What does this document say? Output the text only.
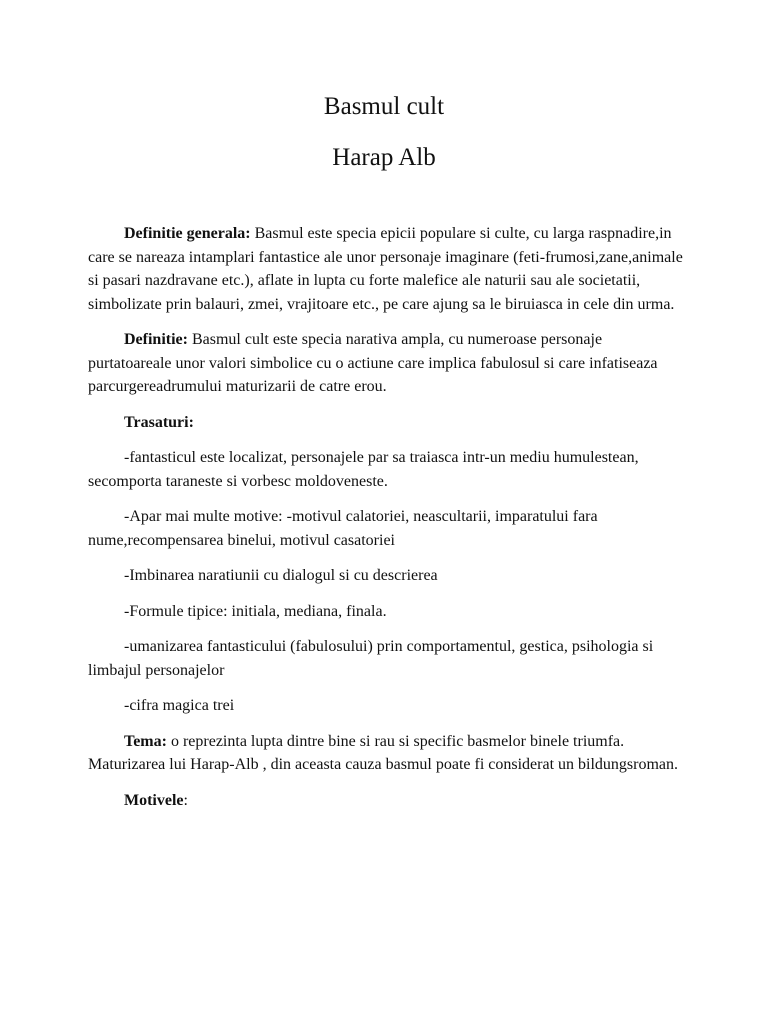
Basmul cult
Harap Alb

Definitie generala: Basmul este specia epicii populare si culte, cu larga raspnadire,in care se nareaza intamplari fantastice ale unor personaje imaginare (feti-frumosi,zane,animale si pasari nazdravane etc.), aflate in lupta cu forte malefice ale naturii sau ale societatii, simbolizate prin balauri, zmei, vrajitoare etc., pe care ajung sa le biruiasca in cele din urma.

Definitie: Basmul cult este specia narativa ampla, cu numeroase personaje purtatoareale unor valori simbolice cu o actiune care implica fabulosul si care infatiseaza parcurgereadrumului maturizarii de catre erou.

Trasaturi:

-fantasticul este localizat, personajele par sa traiasca intr-un mediu humulestean, secomporta taraneste si vorbesc moldoveneste.

-Apar mai multe motive: -motivul calatoriei, neascultarii, imparatului fara nume,recompensarea binelui, motivul casatoriei

-Imbinarea naratiunii cu dialogul si cu descrierea

-Formule tipice: initiala, mediana, finala.

-umanizarea fantasticului (fabulosului) prin comportamentul, gestica, psihologia si limbajul personajelor

-cifra magica trei

Tema: o reprezinta lupta dintre bine si rau si specific basmelor binele triumfa. Maturizarea lui Harap-Alb , din aceasta cauza basmul poate fi considerat un bildungsroman.

Motivele:
